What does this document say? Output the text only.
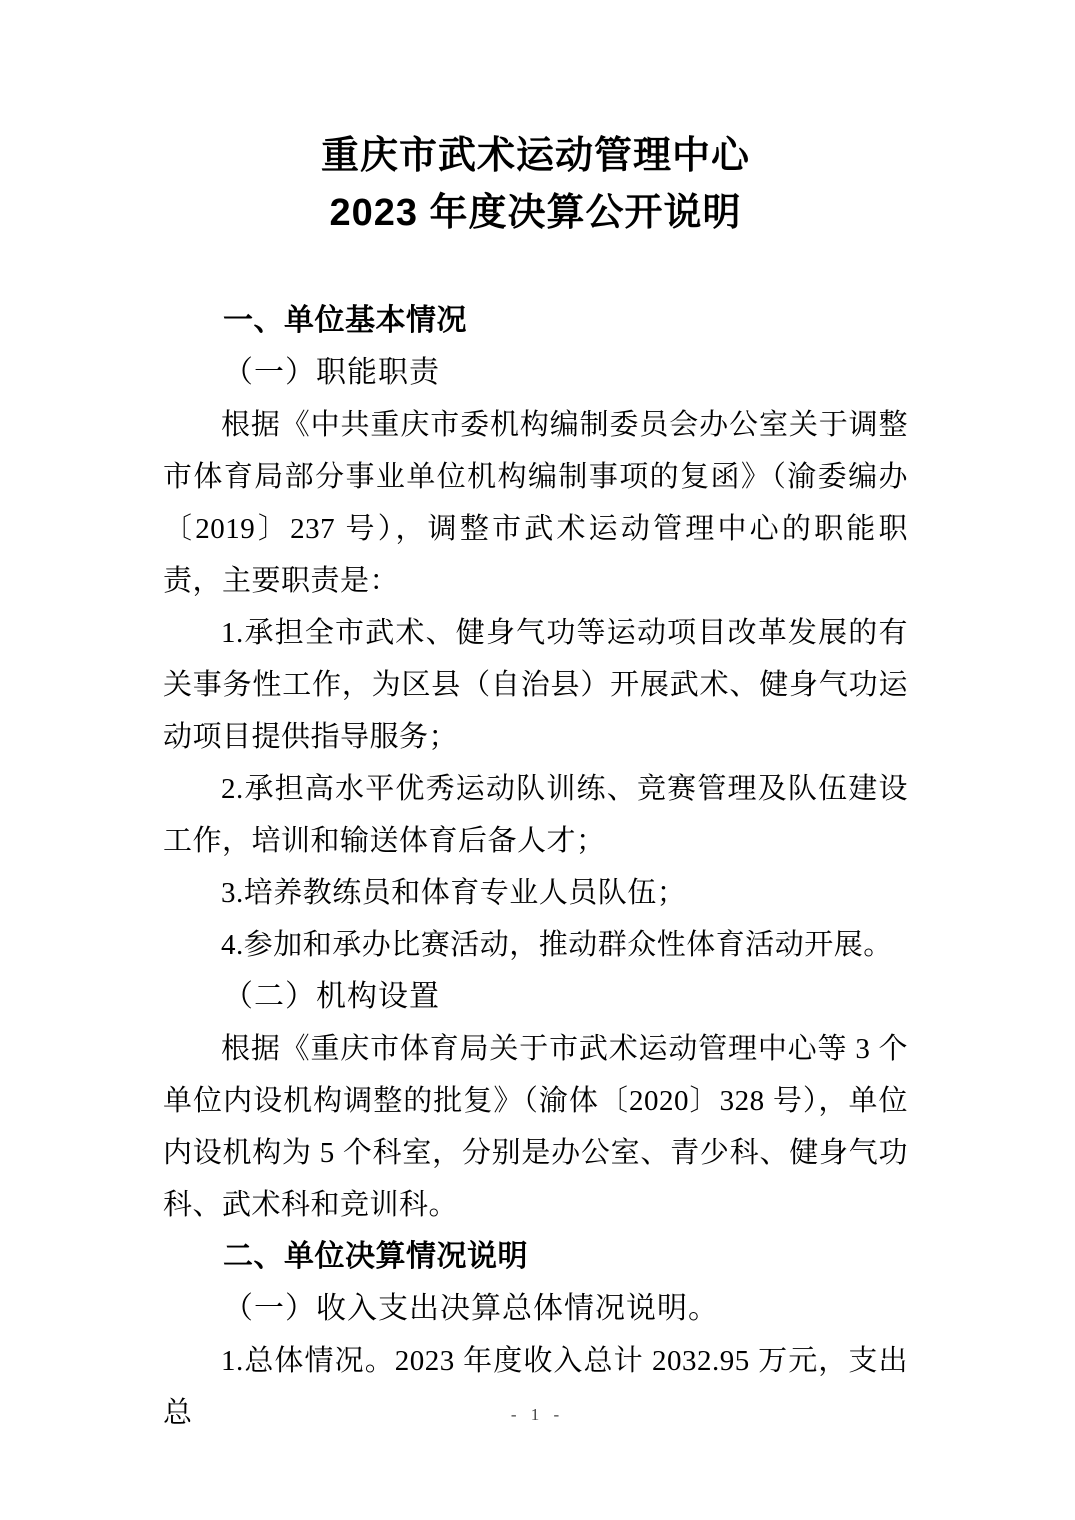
重庆市武术运动管理中心
2023 年度决算公开说明
一、单位基本情况
（一）职能职责

根据《中共重庆市委机构编制委员会办公室关于调整市体育局部分事业单位机构编制事项的复函》（渝委编办〔2019〕237 号），调整市武术运动管理中心的职能职责，主要职责是：

1.承担全市武术、健身气功等运动项目改革发展的有关事务性工作，为区县（自治县）开展武术、健身气功运动项目提供指导服务；

2.承担高水平优秀运动队训练、竞赛管理及队伍建设工作，培训和输送体育后备人才；

3.培养教练员和体育专业人员队伍；

4.参加和承办比赛活动，推动群众性体育活动开展。

（二）机构设置

根据《重庆市体育局关于市武术运动管理中心等 3 个单位内设机构调整的批复》（渝体〔2020〕328 号），单位内设机构为 5 个科室，分别是办公室、青少科、健身气功科、武术科和竞训科。

二、单位决算情况说明
（一）收入支出决算总体情况说明。

1.总体情况。2023 年度收入总计 2032.95 万元，支出总	- 1 -
